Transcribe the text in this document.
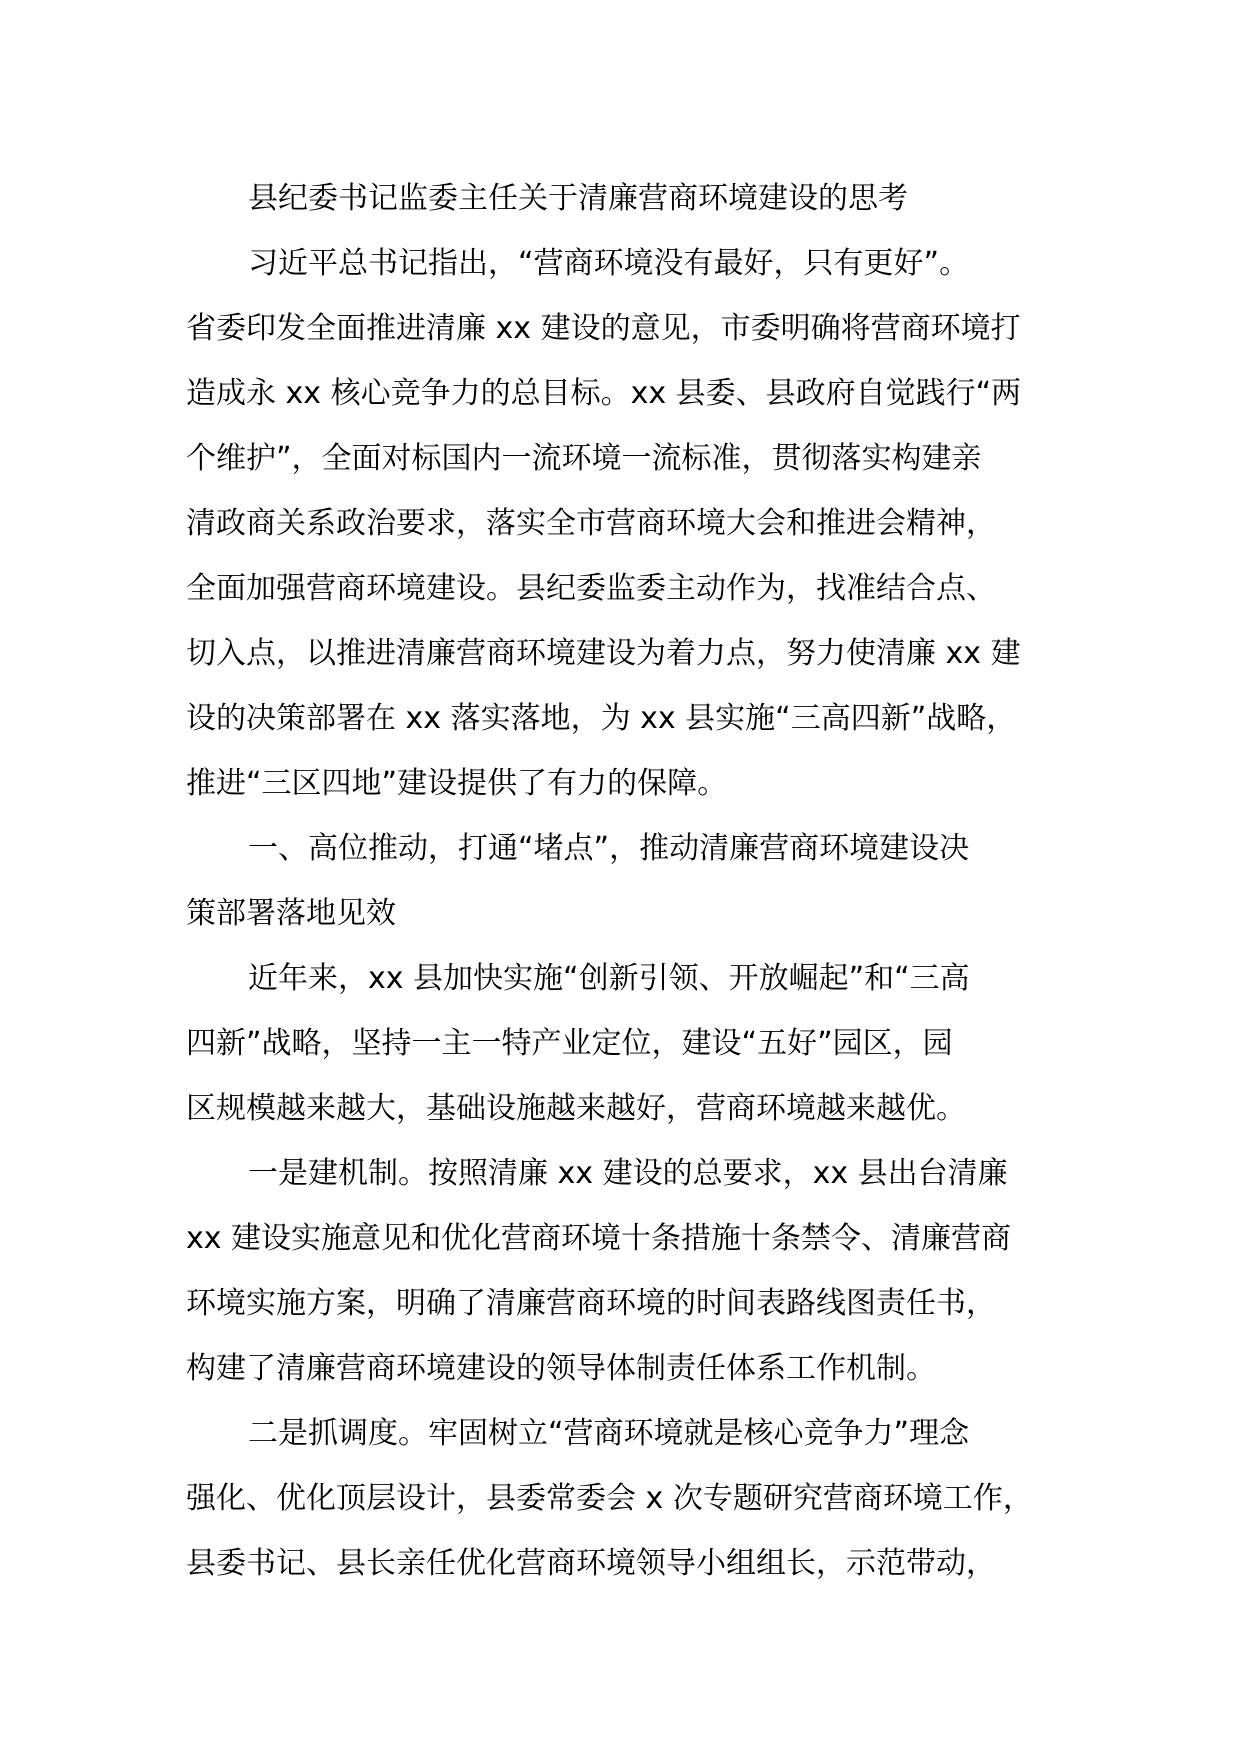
县纪委书记监委主任关于清廉营商环境建设的思考
习近平总书记指出，“营商环境没有最好，只有更好”。
省委印发全面推进清廉 xx 建设的意见，市委明确将营商环境打
造成永 xx 核心竞争力的总目标。xx 县委、县政府自觉践行“两
个维护”，全面对标国内一流环境一流标准，贯彻落实构建亲
清政商关系政治要求，落实全市营商环境大会和推进会精神，
全面加强营商环境建设。县纪委监委主动作为，找准结合点、
切入点，以推进清廉营商环境建设为着力点，努力使清廉 xx 建
设的决策部署在 xx 落实落地，为 xx 县实施“三高四新”战略，
推进“三区四地”建设提供了有力的保障。
一、高位推动，打通“堵点”，推动清廉营商环境建设决
策部署落地见效
近年来，xx 县加快实施“创新引领、开放崛起”和“三高
四新”战略，坚持一主一特产业定位，建设“五好”园区，园
区规模越来越大，基础设施越来越好，营商环境越来越优。
一是建机制。按照清廉 xx 建设的总要求，xx 县出台清廉
xx 建设实施意见和优化营商环境十条措施十条禁令、清廉营商
环境实施方案，明确了清廉营商环境的时间表路线图责任书，
构建了清廉营商环境建设的领导体制责任体系工作机制。
二是抓调度。牢固树立“营商环境就是核心竞争力”理念
强化、优化顶层设计，县委常委会 x 次专题研究营商环境工作，
县委书记、县长亲任优化营商环境领导小组组长，示范带动，
